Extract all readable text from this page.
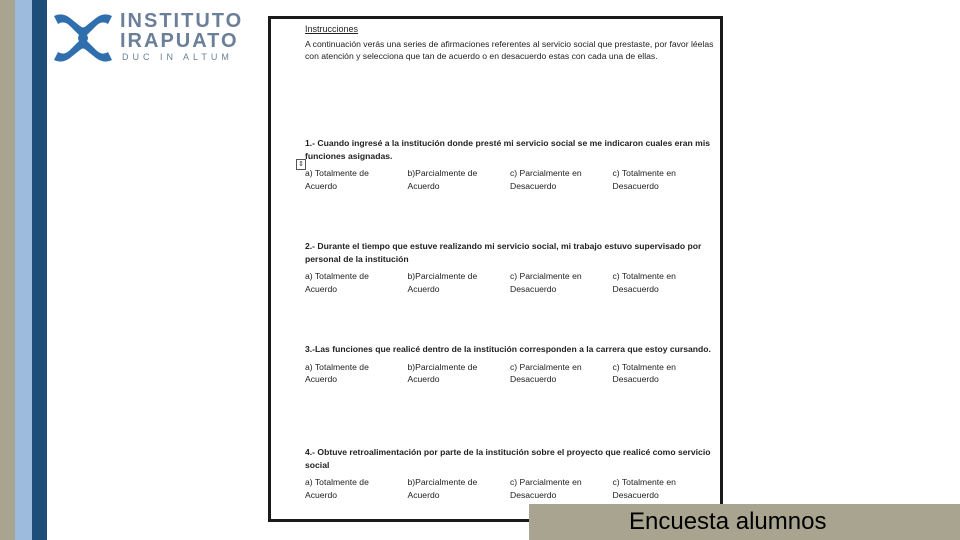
INSTITUTO
IRAPUATO
DUC IN ALTUM
⇕
Instrucciones
A continuación verás una series de afirmaciones referentes al servicio social que prestaste, por favor léelas con atención y selecciona que tan de acuerdo o en desacuerdo estas con cada una de ellas.
1.- Cuando ingresé a la institución donde presté mi servicio social se me indicaron cuales eran mis funciones asignadas.
a) Totalmente de
Acuerdo
b)Parcialmente de
Acuerdo
c) Parcialmente en
Desacuerdo
c) Totalmente en
Desacuerdo
2.- Durante el tiempo que estuve realizando mi servicio social, mi trabajo estuvo supervisado por personal de la institución
a) Totalmente de
Acuerdo
b)Parcialmente de
Acuerdo
c) Parcialmente en
Desacuerdo
c) Totalmente en
Desacuerdo
3.-Las funciones que realicé dentro de la institución corresponden a la carrera que estoy cursando.
a) Totalmente de
Acuerdo
b)Parcialmente de
Acuerdo
c) Parcialmente en
Desacuerdo
c) Totalmente en
Desacuerdo
4.- Obtuve retroalimentación por parte de la institución sobre el proyecto que realicé como servicio social
a) Totalmente de
Acuerdo
b)Parcialmente de
Acuerdo
c) Parcialmente en
Desacuerdo
c) Totalmente en
Desacuerdo
Encuesta alumnos
